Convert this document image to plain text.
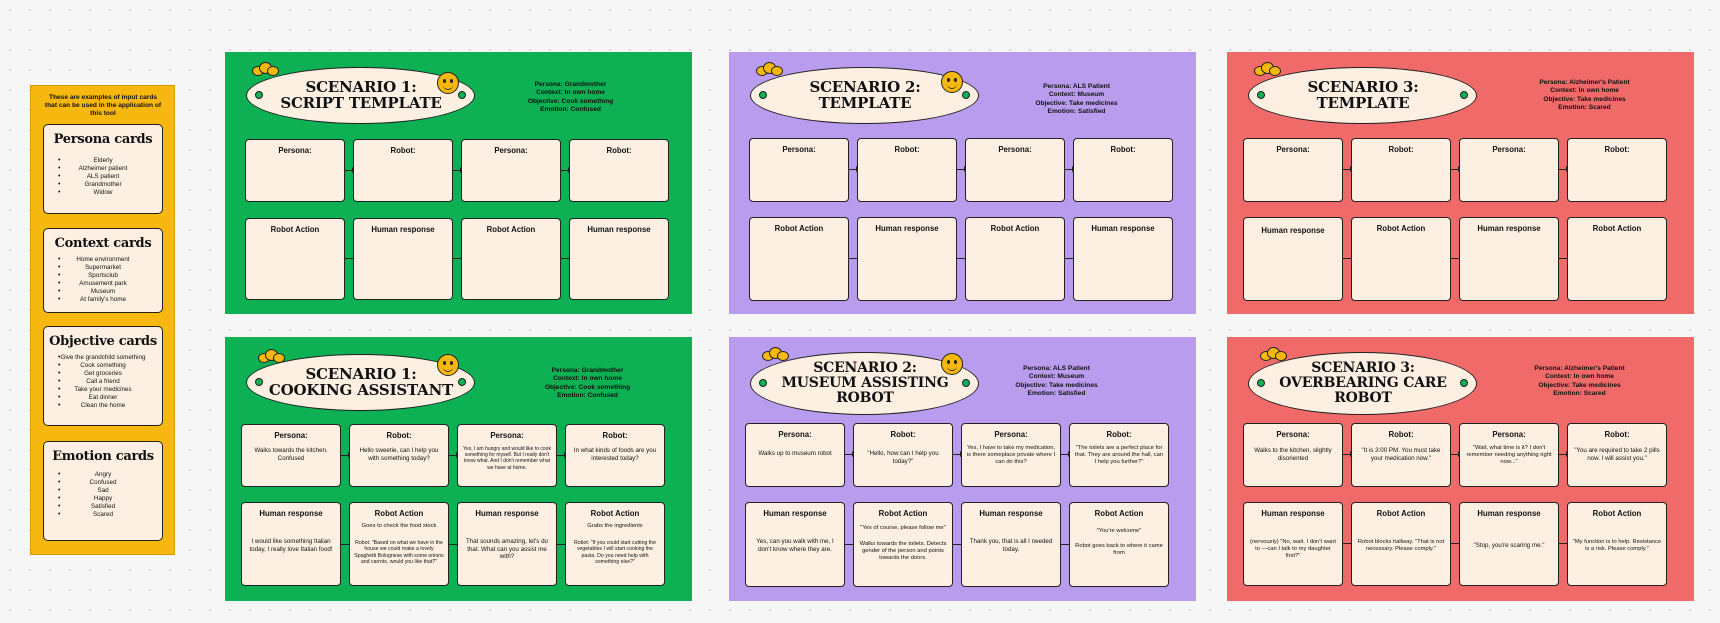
These are examples of input cards that can be used in the application of this tool
Persona cards
• Elderly
• Alzheimer patient
• ALS patient
• Grandmother
• Widow
Context cards
• Home environment
• Supermarket
• Sportsclub
• Amusement park
• Museum
• At family's home
Objective cards
• Give the grandchild something
• Cook something
• Get groceries
• Call a friend
• Take your medicines
• Eat dinner
• Clean the home
Emotion cards
• Angry
• Confused
• Sad
• Happy
• Satisfied
• Scared
SCENARIO 1:
SCRIPT TEMPLATE
Persona: Grandmother
Context: In own home
Objective: Cook something
Emotion: Confused
Persona:	Robot:	Persona:	Robot:
Robot Action	Human response	Robot Action	Human response
SCENARIO 2:
TEMPLATE
Persona: ALS Patient
Context: Museum
Objective: Take medicines
Emotion: Satisfied
Persona:	Robot:	Persona:	Robot:
Robot Action	Human response	Robot Action	Human response
SCENARIO 3:
TEMPLATE
Persona: Alzheimer's Patient
Context: In own home
Objective: Take medicines
Emotion: Scared
Persona:	Robot:	Persona:	Robot:
Human response	Robot Action	Human response	Robot Action
SCENARIO 1:
COOKING ASSISTANT
Persona: Grandmother
Context: In own home
Objective: Cook something
Emotion: Confused
Persona:
Walks towards the kitchen. Confused
Robot:
Hello sweetie, can I help you with something today?
Persona:
Yes, I am hungry and would like to cook something for myself. But I really don't know what. And I don't remember what we have at home.
Robot:
In what kinds of foods are you interested today?
Human response
I would like something Italian today, I really love Italian food!
Robot Action
Goes to check the food stock
Robot: "Based on what we have in the house we could make a lovely Spaghetti Bolognese with some onions and carrots, would you like that?"
Human response
That sounds amazing, let's do that. What can you assist me with?
Robot Action
Grabs the ingredients
Robot: "If you could start cutting the vegetables I will start cooking the pasta. Do you need help with something else?"
SCENARIO 2:
MUSEUM ASSISTING
ROBOT
Persona: ALS Patient
Context: Museum
Objective: Take medicines
Emotion: Satisfied
Persona:
Walks up to museum robot
Robot:
"Hello, how can I help you today?"
Persona:
Yes, I have to take my medication, is there someplace private where I can do this?
Robot:
"The toilets are a perfect place for that. They are around the hall, can I help you further?"
Human response
Yes, can you walk with me, I don't know where they are.
Robot Action
"Yes of course, please follow me"
Walks towards the toilets. Detects gender of the person and points towards the doors.
Human response
Thank you, that is all I needed today.
Robot Action
"You're welcome"
Robot goes back to where it came from
SCENARIO 3:
OVERBEARING CARE
ROBOT
Persona: Alzheimer's Patient
Context: In own home
Objective: Take medicines
Emotion: Scared
Persona:
Walks to the kitchen, slightly disoriented
Robot:
"It is 3:00 PM. You must take your medication now."
Persona:
"Wait, what time is it? I don't remember needing anything right now..."
Robot:
"You are required to take 2 pills now. I will assist you."
Human response
(nervously) "No, wait. I don't want to —can I talk to my daughter first?"
Robot Action
Robot blocks hallway. "That is not necessary. Please comply."
Human response
"Stop, you're scaring me."
Robot Action
"My function is to help. Resistance is a risk. Please comply."
